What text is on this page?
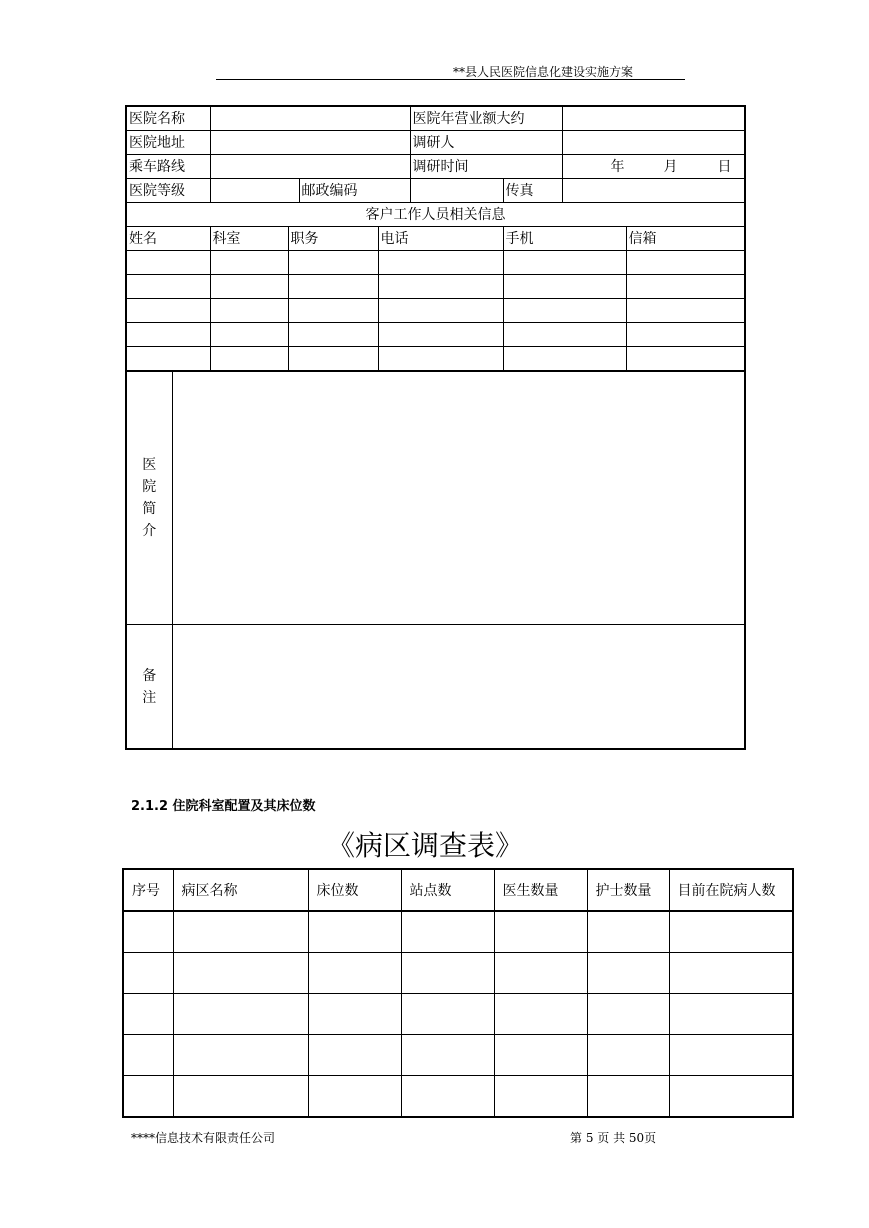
**县人民医院信息化建设实施方案
医院名称		医院年营业额大约	
医院地址		调研人	
乘车路线		调研时间	年	月	日

医院等级		邮政编码		传真	
客户工作人员相关信息
姓名	科室	职务	电话	手机	信箱

医
院
简
介

备
注

2.1.2 住院科室配置及其床位数
《病区调查表》
序号	病区名称	床位数	站点数	医生数量	护士数量	目前在院病人数

****信息技术有限责任公司	第 5 页 共 50页
